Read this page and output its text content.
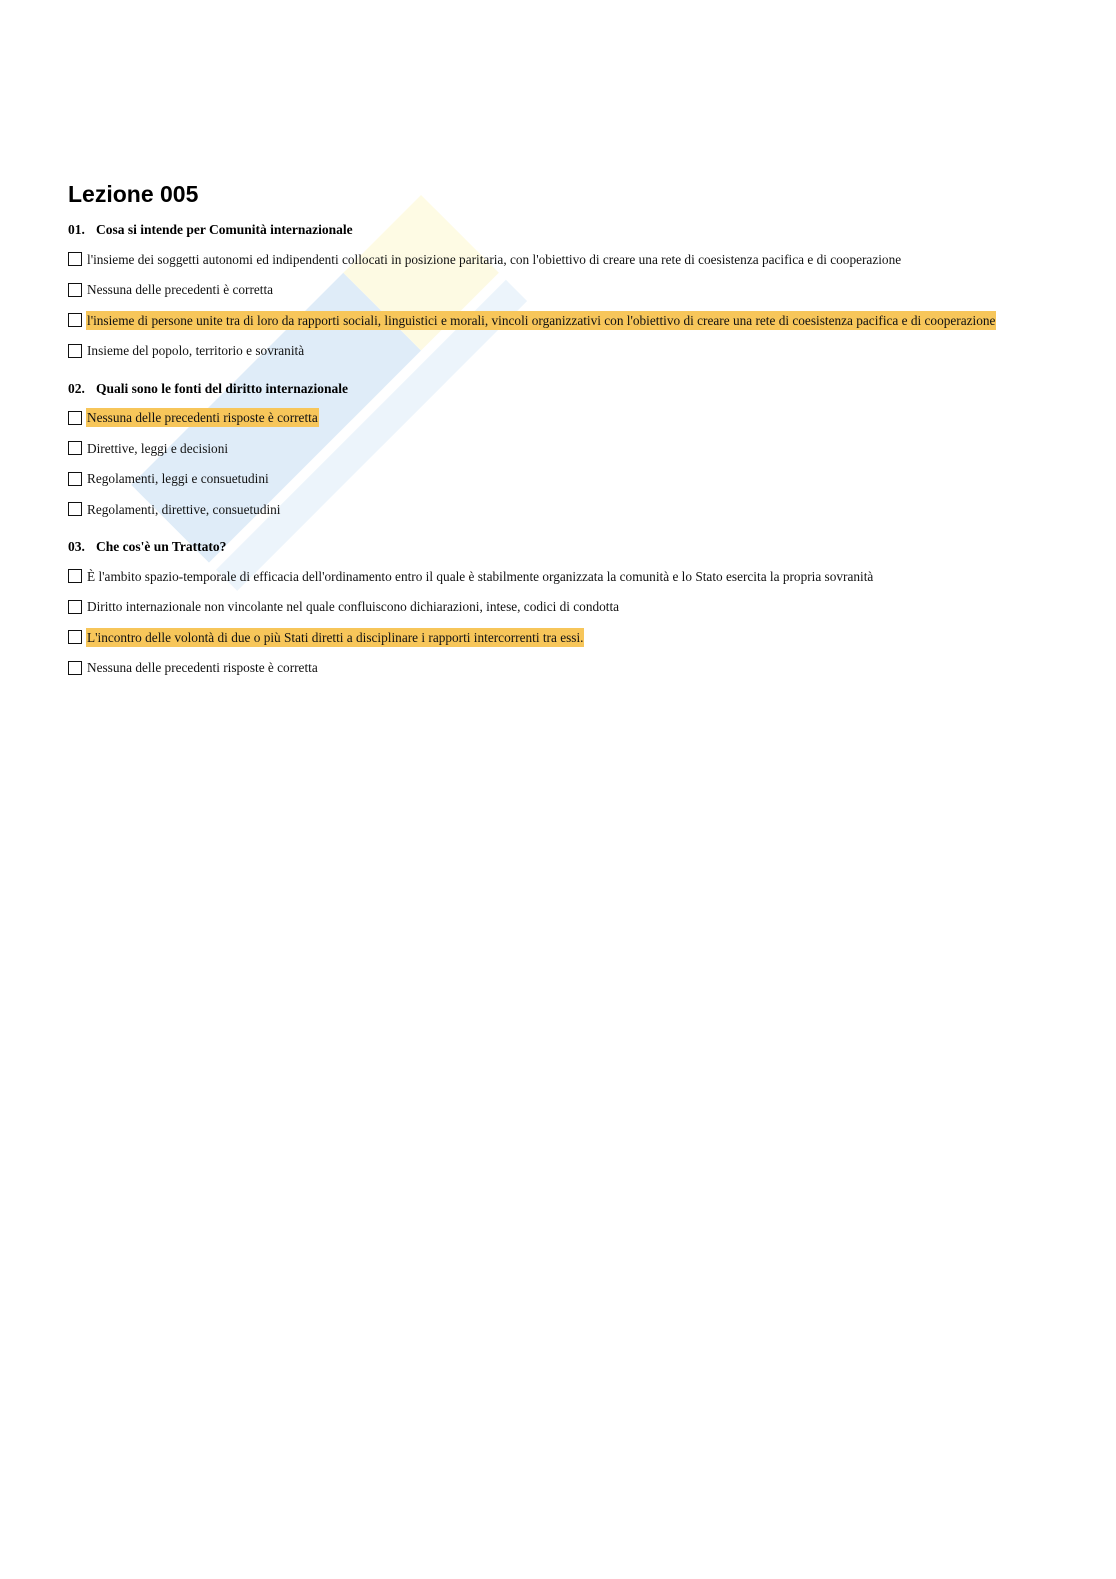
Lezione 005
01. Cosa si intende per Comunità internazionale
l'insieme dei soggetti autonomi ed indipendenti collocati in posizione paritaria, con l'obiettivo di creare una rete di coesistenza pacifica e di cooperazione
Nessuna delle precedenti è corretta
l'insieme di persone unite tra di loro da rapporti sociali, linguistici e morali, vincoli organizzativi con l'obiettivo di creare una rete di coesistenza pacifica e di cooperazione
Insieme del popolo, territorio e sovranità
02. Quali sono le fonti del diritto internazionale
Nessuna delle precedenti risposte è corretta
Direttive, leggi e decisioni
Regolamenti, leggi e consuetudini
Regolamenti, direttive, consuetudini
03. Che cos'è un Trattato?
È l'ambito spazio-temporale di efficacia dell'ordinamento entro il quale è stabilmente organizzata la comunità e lo Stato esercita la propria sovranità
Diritto internazionale non vincolante nel quale confluiscono dichiarazioni, intese, codici di condotta
L'incontro delle volontà di due o più Stati diretti a disciplinare i rapporti intercorrenti tra essi.
Nessuna delle precedenti risposte è corretta
